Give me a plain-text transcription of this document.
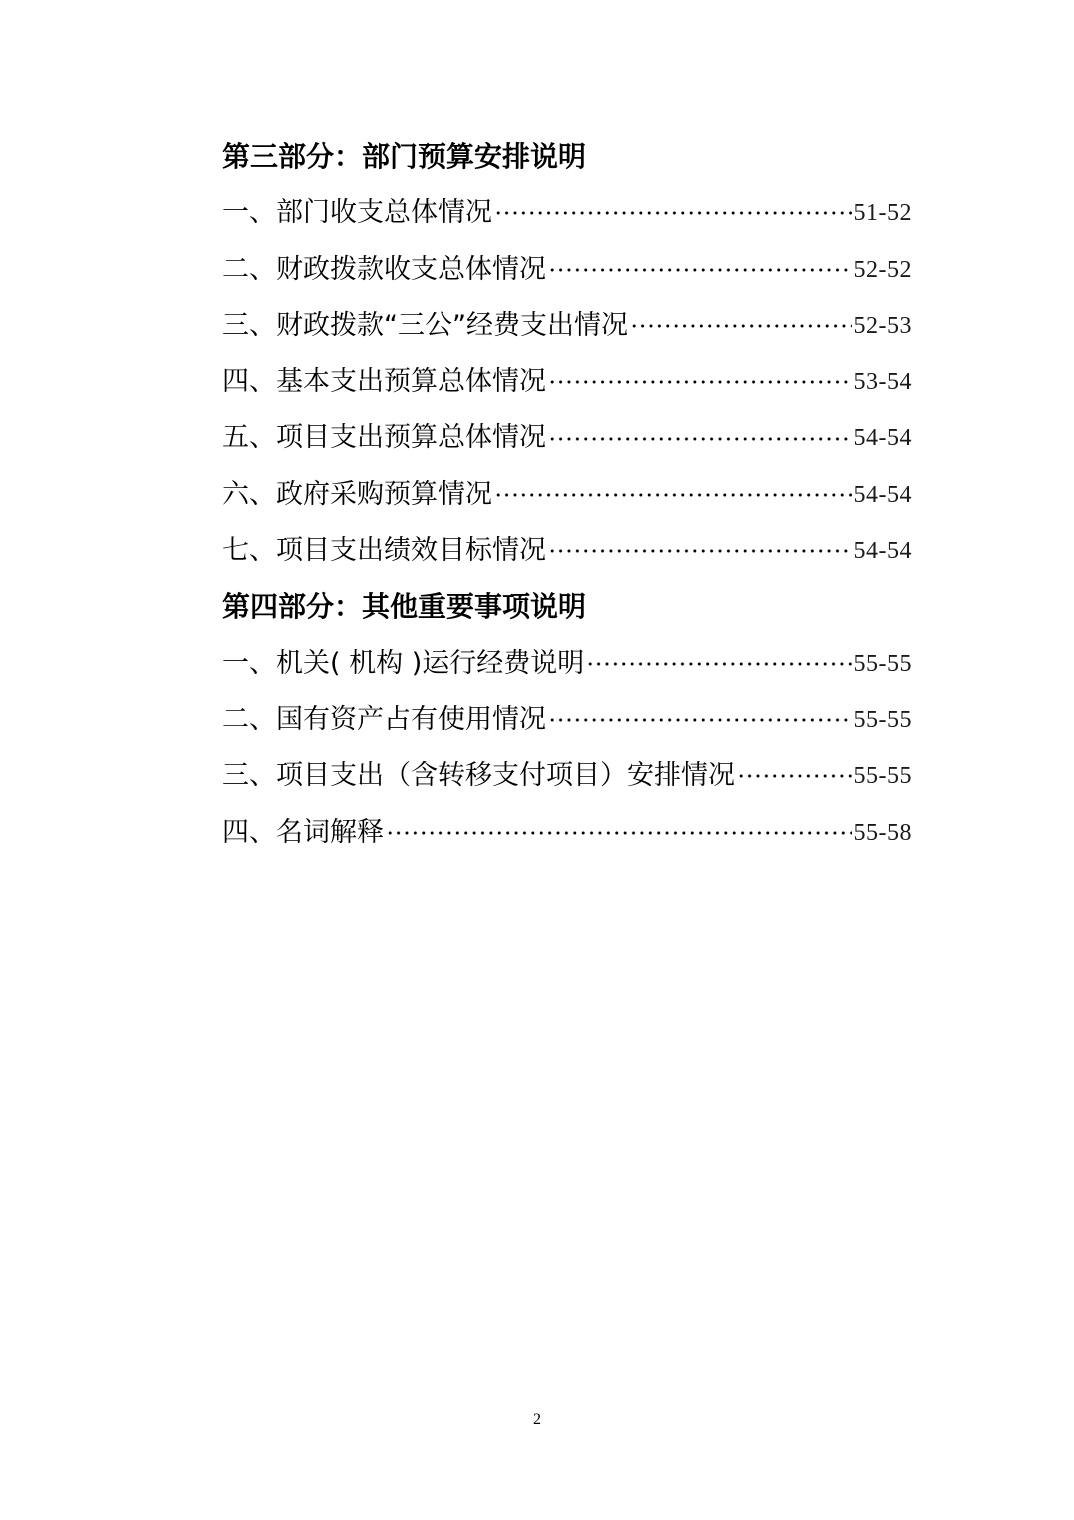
第三部分：部门预算安排说明
一、部门收支总体情况	51-52
二、财政拨款收支总体情况	52-52
三、财政拨款“三公”经费支出情况	52-53
四、基本支出预算总体情况	53-54
五、项目支出预算总体情况	54-54
六、政府采购预算情况	54-54
七、项目支出绩效目标情况	54-54
第四部分：其他重要事项说明
一、机关( 机构 )运行经费说明	55-55
二、国有资产占有使用情况	55-55
三、项目支出（含转移支付项目）安排情况	55-55
四、名词解释	55-58
2
